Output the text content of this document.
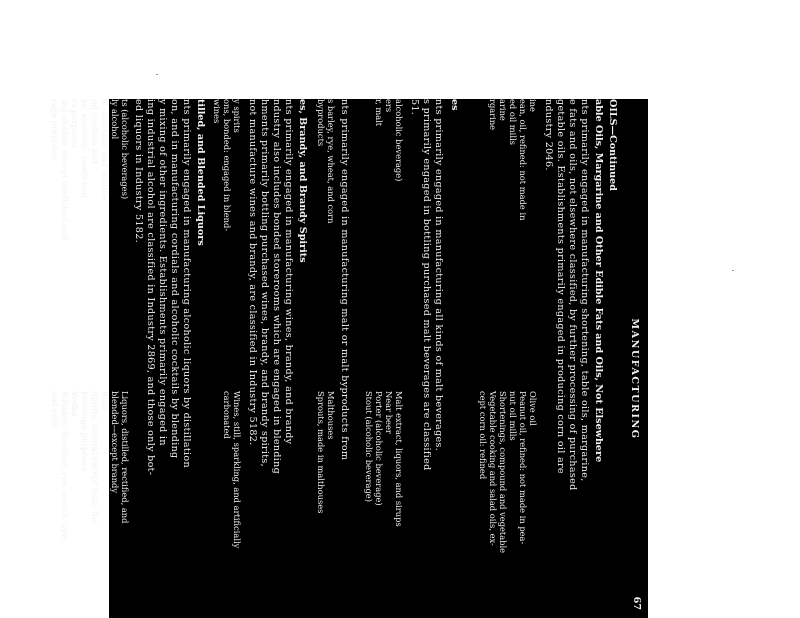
MANUFACTURING
67
OILS—Continued
able Oils, Margarine and Other Edible Fats and Oils, Not Elsewhere
nts primarily engaged in manufacturing shortening, table oils, margarine,
e fats and oils, not elsewhere classified, by further processing of purchased
getable oils. Establishments primarily engaged in producing corn oil are
ndustry 2046.
ine
ean, oil, refined: not made in
ed oil mills
arine
rgarine
Olive oil
Peanut oil, refined: not made in pea-
nut oil mills
Shortenings, compound and vegetable
Vegetable cooking and salad oils, ex-
cept corn oil: refined
es
nts primarily engaged in manufacturing all kinds of malt beverages.
s primarily engaged in bottling purchased malt beverages are classified
51.
alcoholic beverage)
ers
r, malt
Malt extract, liquors, and sirups
Near beer
Porter (alcoholic beverage)
Stout (alcoholic beverage)
nts primarily engaged in manufacturing malt or malt byproducts from
s barley, rye, wheat, and corn
byproducts
Malthouses
Sprouts, made in malthouses
es, Brandy, and Brandy Spirits
nts primarily engaged in manufacturing wines, brandy, and brandy
ndustry also includes bonded storerooms which are engaged in blending
hments primarily bottling purchased wines, brandy, and brandy spirits,
not manufacture wines and brandy, are classified in Industry 5182.
y spirits
ons, bonded: engaged in blend-
wines
Wines, still, sparkling, and artificially
carbonated
tilled, and Blended Liquors
nts primarily engaged in manufacturing alcoholic liquors by distillation
on, and in manufacturing cordials and alcoholic cocktails by blending
y mixing of other ingredients. Establishments primarily engaged in
ing industrial alcohol are classified in Industry 2869, and those only bot-
ed liquors in Industry 5182.
ts (alcoholic beverages)
ly alcohol
ic, alcoholic and soluble
nd cordials and
ks, alcoholic: medicinal
rs purposes
ing alcohol: except medicinal and
rage purposes
Liquors, distilled, rectified, and
blended—except brandy
Rum
Spirits, neutral except fruit: for
beverage purposes
Vodka
Whiskey: bourbon, rye, scotch type,
and corn
